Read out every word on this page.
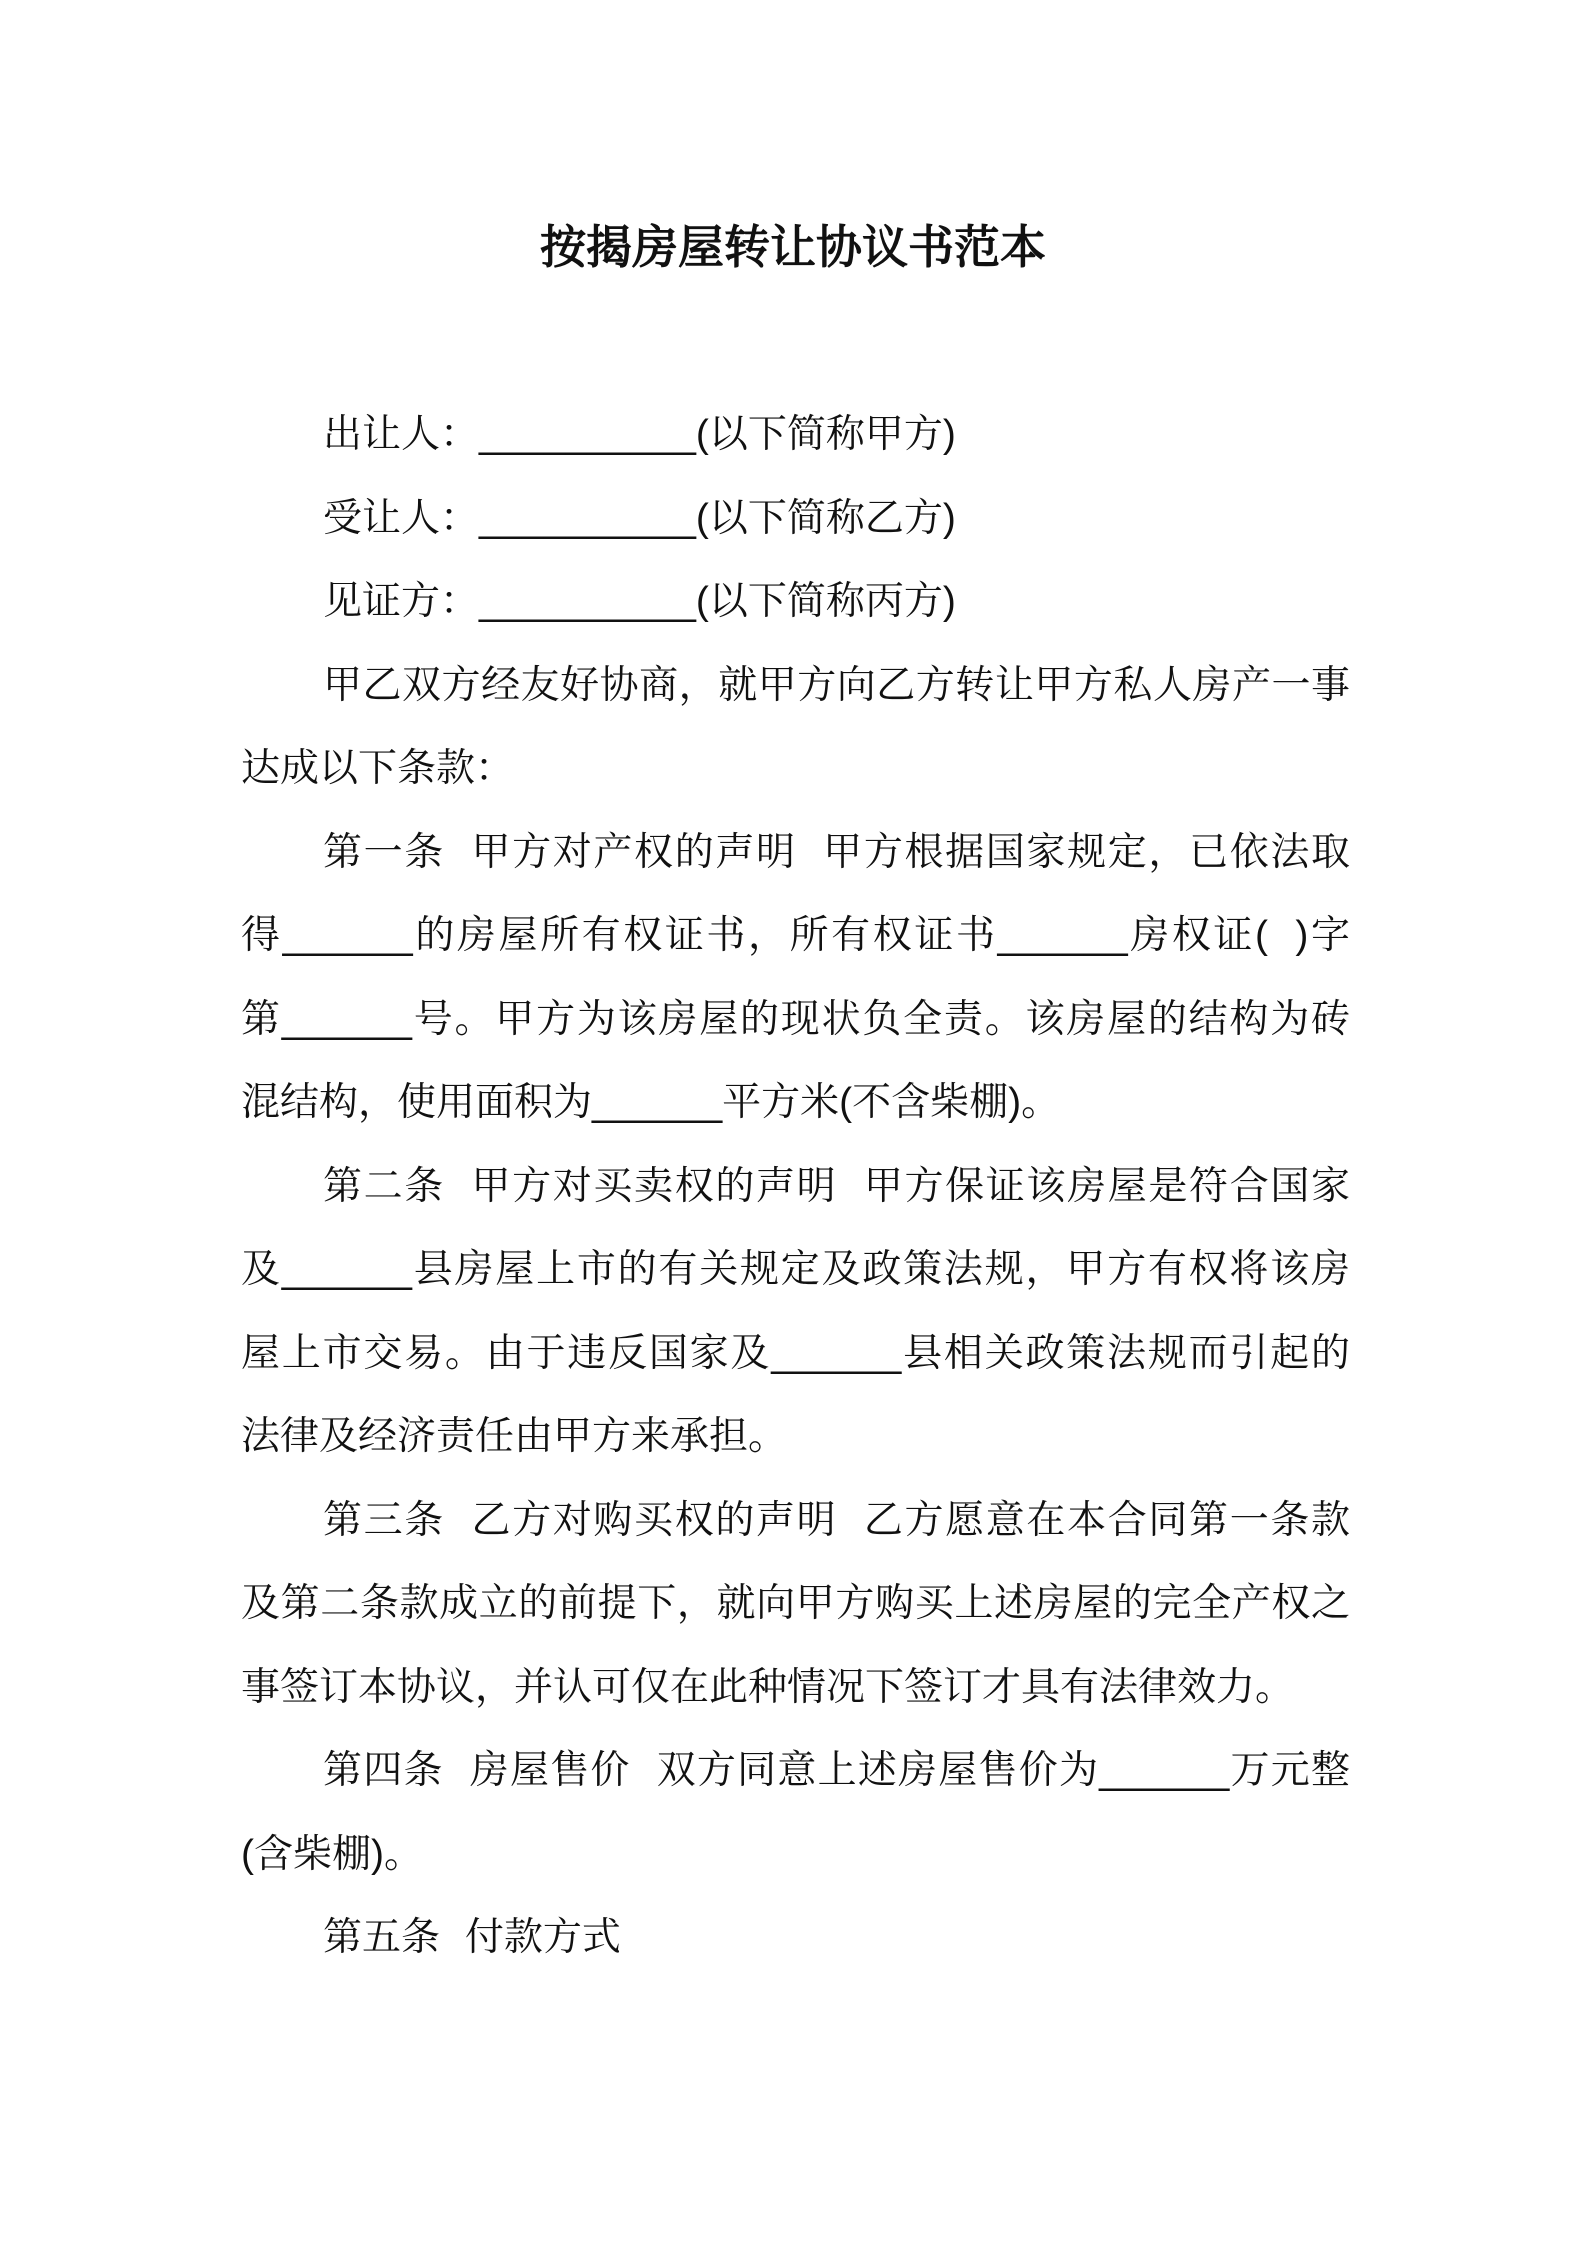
按揭房屋转让协议书范本
出让人：__________(以下简称甲方)
受让人：__________(以下简称乙方)
见证方：__________(以下简称丙方)
甲乙双方经友好协商，就甲方向乙方转让甲方私人房产一事
达成以下条款：
第一条 甲方对产权的声明 甲方根据国家规定，已依法取
得______的房屋所有权证书，所有权证书______房权证( )字
第______号。甲方为该房屋的现状负全责。该房屋的结构为砖
混结构，使用面积为______平方米(不含柴棚)。
第二条 甲方对买卖权的声明 甲方保证该房屋是符合国家
及______县房屋上市的有关规定及政策法规，甲方有权将该房
屋上市交易。由于违反国家及______县相关政策法规而引起的
法律及经济责任由甲方来承担。
第三条 乙方对购买权的声明 乙方愿意在本合同第一条款
及第二条款成立的前提下，就向甲方购买上述房屋的完全产权之
事签订本协议，并认可仅在此种情况下签订才具有法律效力。
第四条 房屋售价 双方同意上述房屋售价为______万元整
(含柴棚)。
第五条 付款方式
